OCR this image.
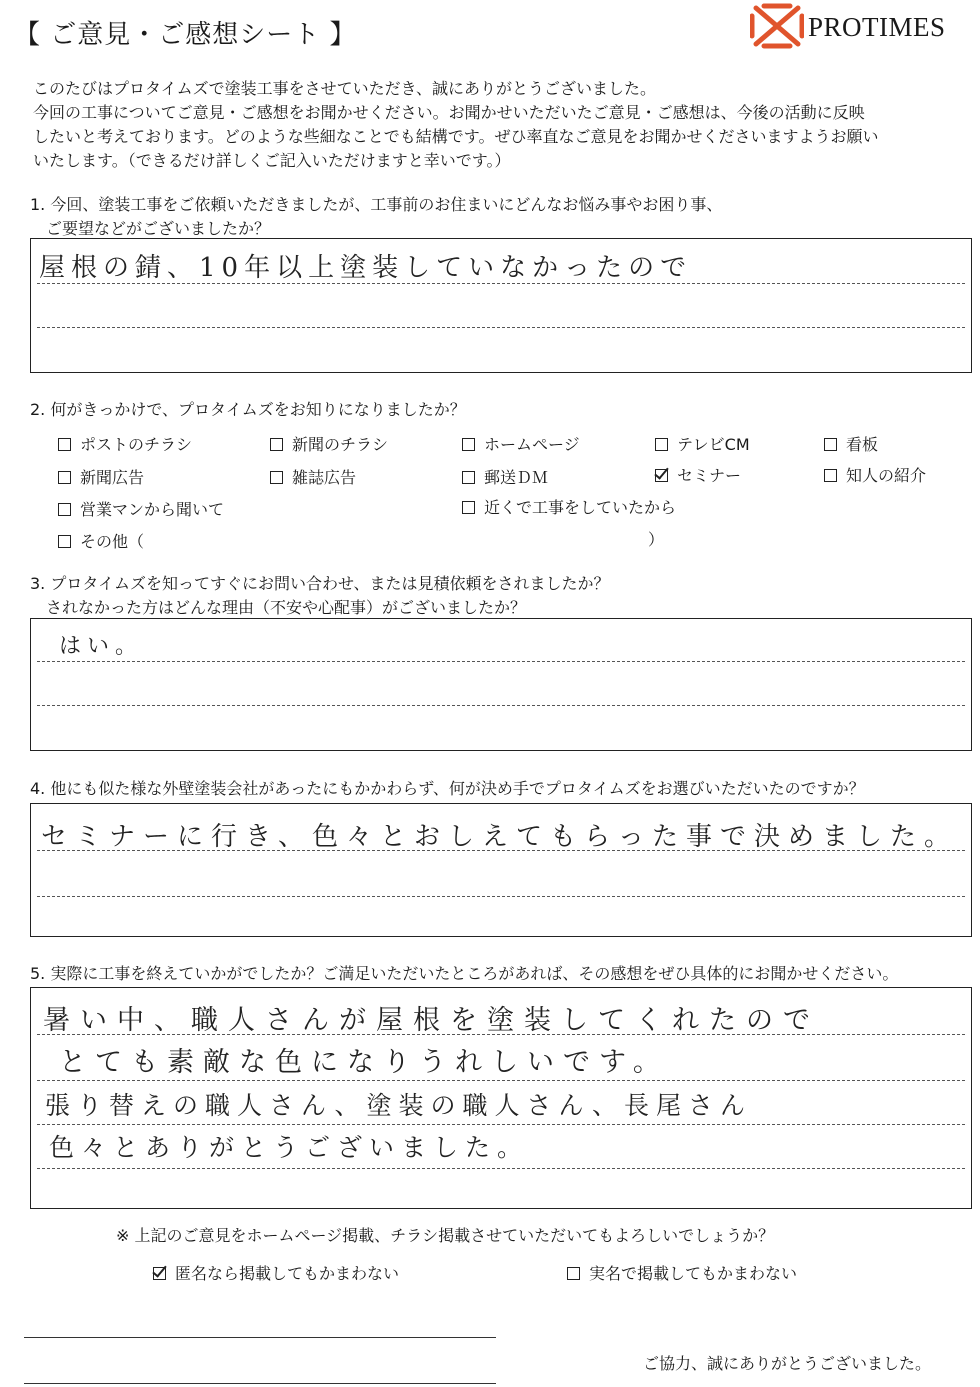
【 ご意見・ご感想シート 】	PROTIMES
このたびはプロタイムズで塗装工事をさせていただき、誠にありがとうございました。
今回の工事についてご意見・ご感想をお聞かせください。お聞かせいただいたご意見・ご感想は、今後の活動に反映
したいと考えております。どのような些細なことでも結構です。ぜひ率直なご意見をお聞かせくださいますようお願い
いたします。（できるだけ詳しくご記入いただけますと幸いです。）
1. 今回、塗装工事をご依頼いただきましたが、工事前のお住まいにどんなお悩み事やお困り事、
　ご要望などがございましたか？
屋根の錆、10年以上塗装していなかったので
2. 何がきっかけで、プロタイムズをお知りになりましたか？
ポストのチラシ	新聞のチラシ	ホームページ	テレビCM	看板
新聞広告	雑誌広告	郵送ＤＭ	セミナー	知人の紹介
営業マンから聞いて	近くで工事をしていたから
その他（	）
3. プロタイムズを知ってすぐにお問い合わせ、または見積依頼をされましたか？
　されなかった方はどんな理由（不安や心配事）がございましたか？
はい。
4. 他にも似た様な外壁塗装会社があったにもかかわらず、何が決め手でプロタイムズをお選びいただいたのですか？
セミナーに行き、色々とおしえてもらった事で決めました。
5. 実際に工事を終えていかがでしたか？ご満足いただいたところがあれば、その感想をぜひ具体的にお聞かせください。
暑い中、職人さんが屋根を塗装してくれたので
とても素敵な色になりうれしいです。
張り替えの職人さん、塗装の職人さん、長尾さん
色々とありがとうございました。
※ 上記のご意見をホームページ掲載、チラシ掲載させていただいてもよろしいでしょうか？
匿名なら掲載してもかまわない	実名で掲載してもかまわない
ご協力、誠にありがとうございました。
